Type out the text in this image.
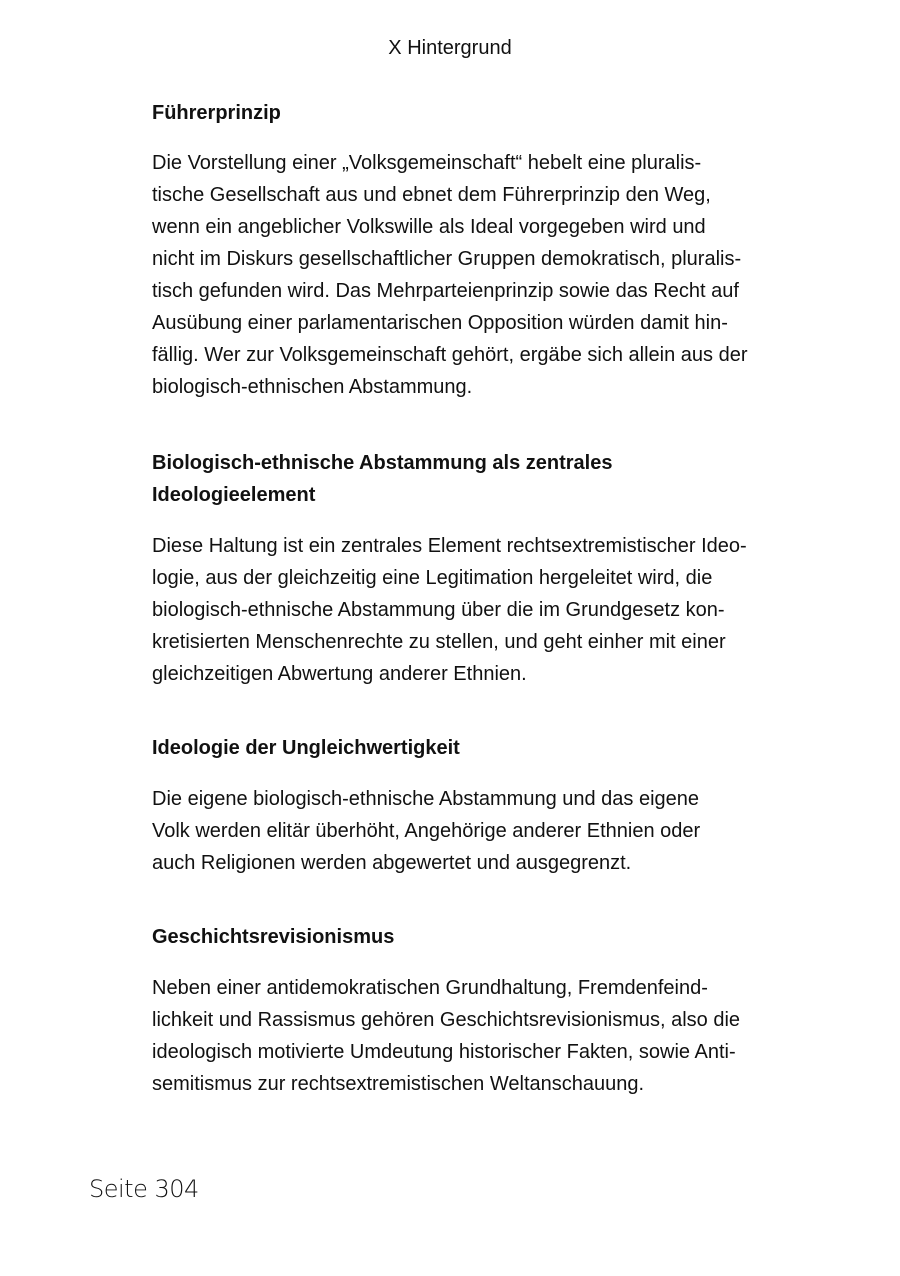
X Hintergrund
Führerprinzip

Die Vorstellung einer „Volksgemeinschaft“ hebelt eine pluralis-
tische Gesellschaft aus und ebnet dem Führerprinzip den Weg,
wenn ein angeblicher Volkswille als Ideal vorgegeben wird und
nicht im Diskurs gesellschaftlicher Gruppen demokratisch, pluralis-
tisch gefunden wird. Das Mehrparteienprinzip sowie das Recht auf
Ausübung einer parlamentarischen Opposition würden damit hin-
fällig. Wer zur Volksgemeinschaft gehört, ergäbe sich allein aus der
biologisch-ethnischen Abstammung.

Biologisch-ethnische Abstammung als zentrales
Ideologieelement

Diese Haltung ist ein zentrales Element rechtsextremistischer Ideo-
logie, aus der gleichzeitig eine Legitimation hergeleitet wird, die
biologisch-ethnische Abstammung über die im Grundgesetz kon-
kretisierten Menschenrechte zu stellen, und geht einher mit einer
gleichzeitigen Abwertung anderer Ethnien.

Ideologie der Ungleichwertigkeit

Die eigene biologisch-ethnische Abstammung und das eigene
Volk werden elitär überhöht, Angehörige anderer Ethnien oder
auch Religionen werden abgewertet und ausgegrenzt.

Geschichtsrevisionismus

Neben einer antidemokratischen Grundhaltung, Fremdenfeind-
lichkeit und Rassismus gehören Geschichtsrevisionismus, also die
ideologisch motivierte Umdeutung historischer Fakten, sowie Anti-
semitismus zur rechtsextremistischen Weltanschauung.

Seite 304
